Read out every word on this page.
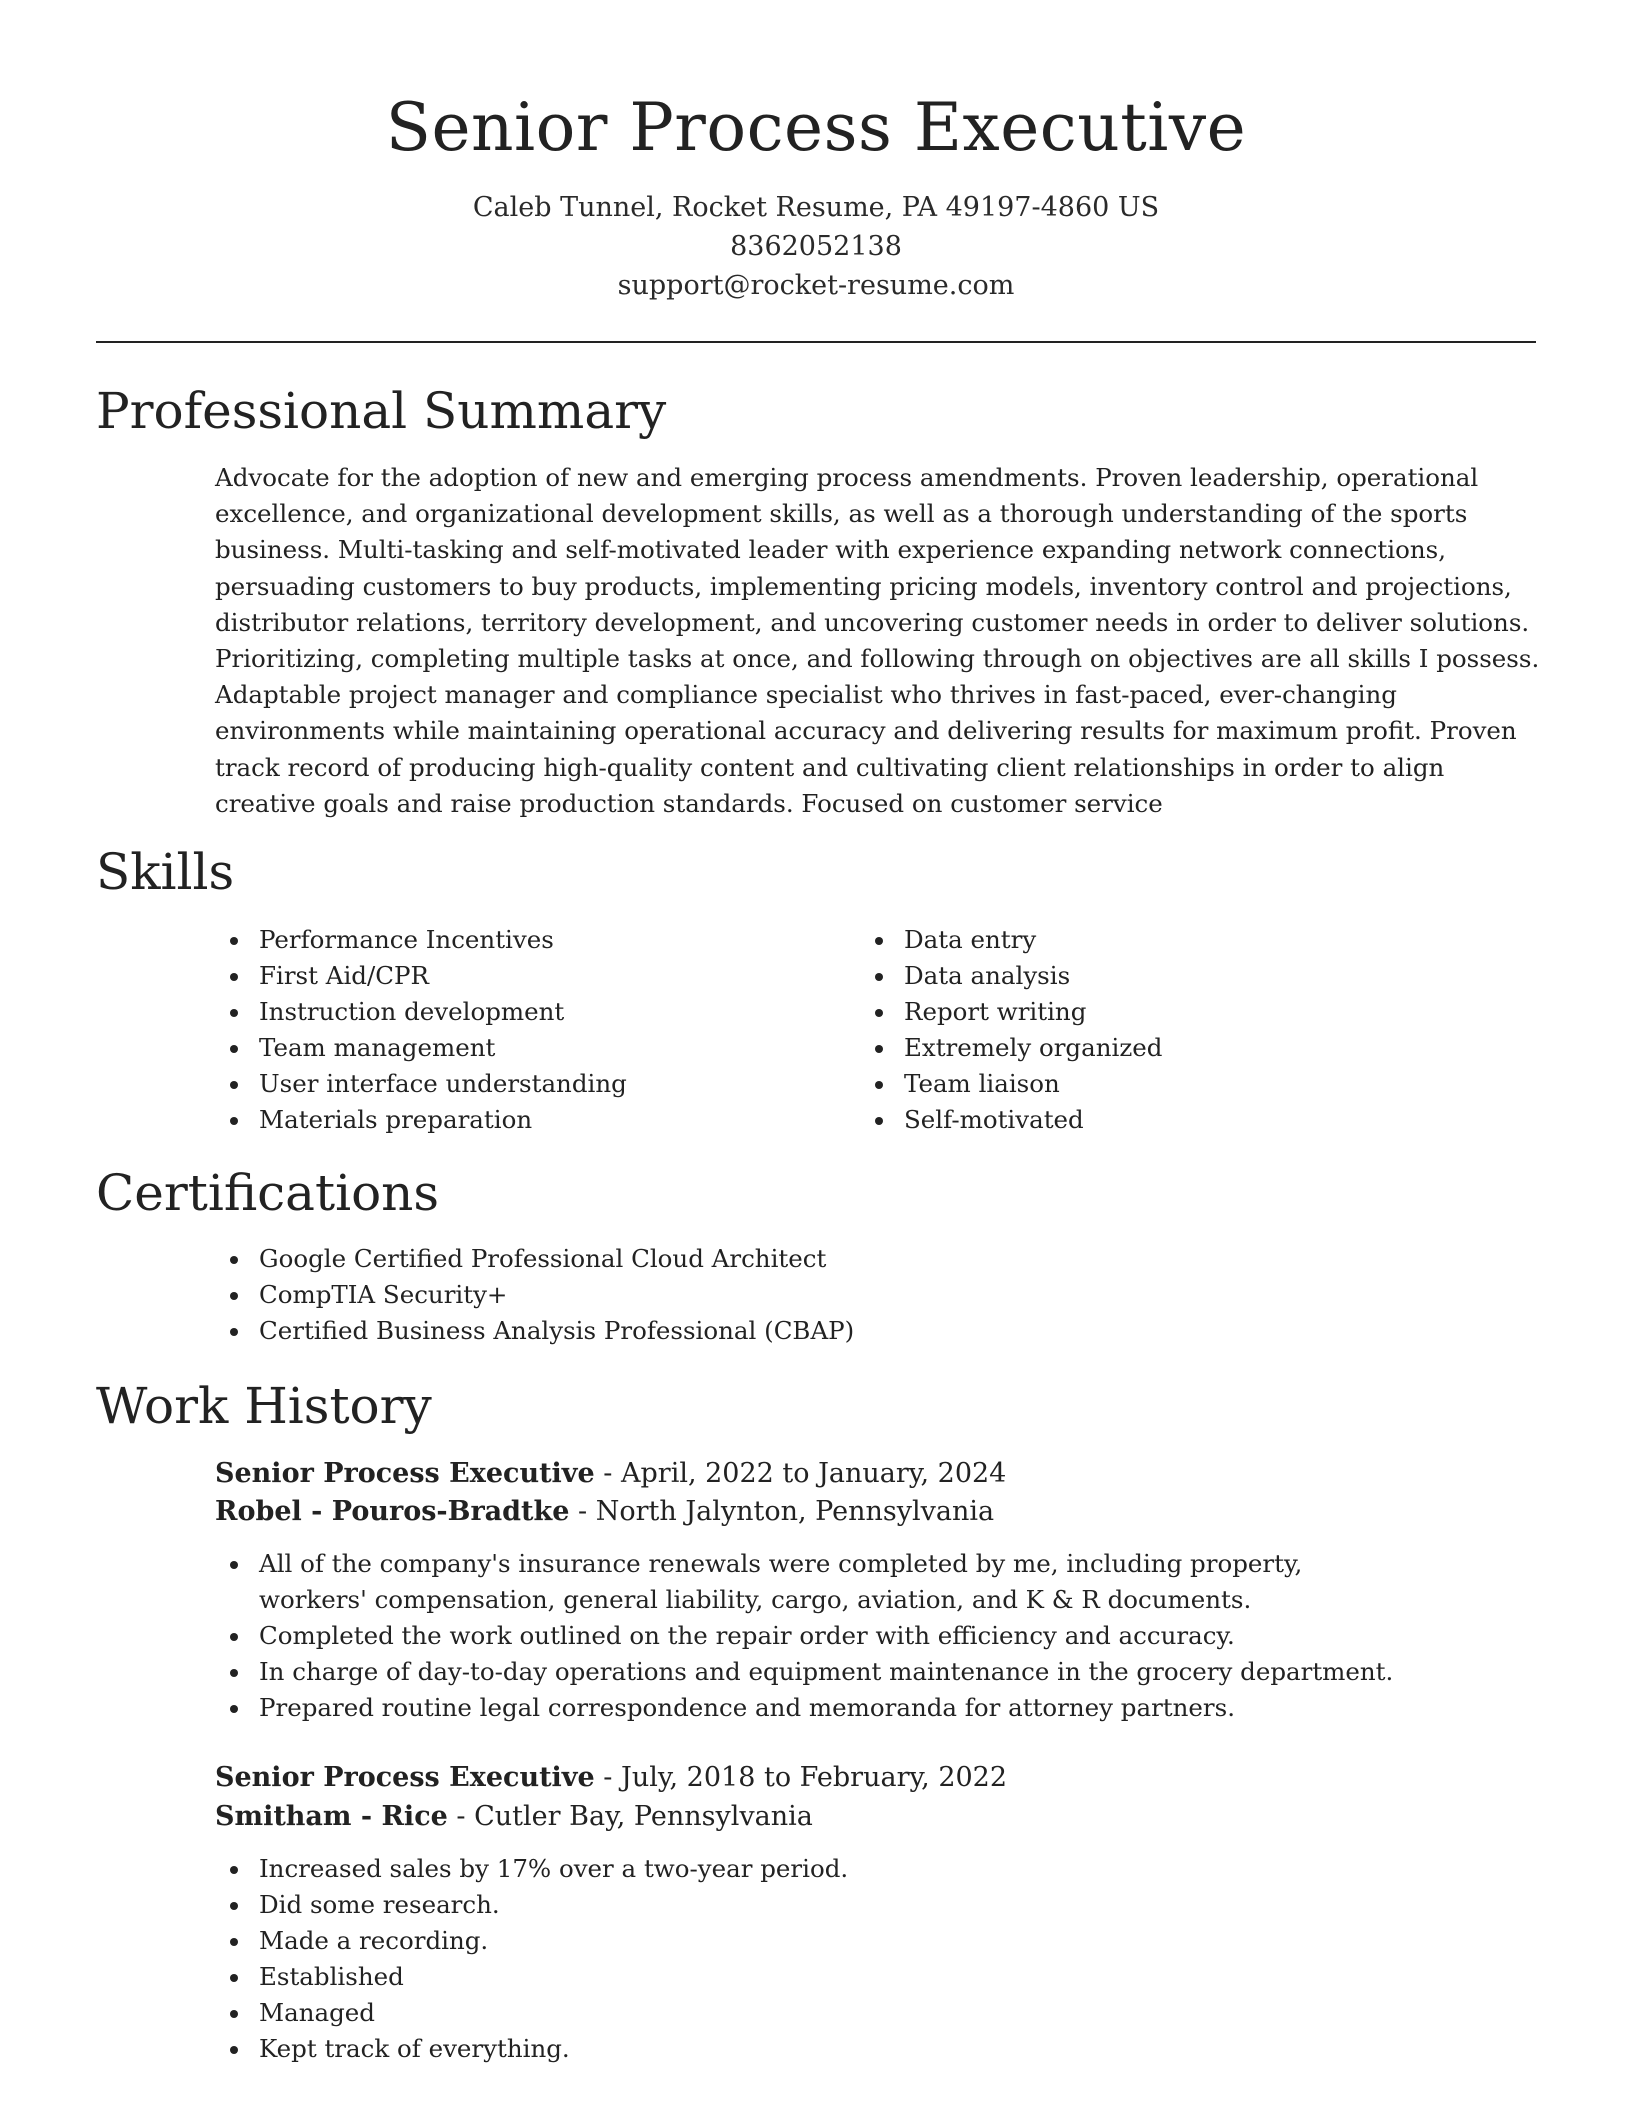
Senior Process Executive
Caleb Tunnel, Rocket Resume, PA 49197-4860 US
8362052138
support@rocket-resume.com
Professional Summary

Advocate for the adoption of new and emerging process amendments. Proven leadership, operational excellence, and organizational development skills, as well as a thorough understanding of the sports business. Multi-tasking and self-motivated leader with experience expanding network connections, persuading customers to buy products, implementing pricing models, inventory control and projections, distributor relations, territory development, and uncovering customer needs in order to deliver solutions. Prioritizing, completing multiple tasks at once, and following through on objectives are all skills I possess. Adaptable project manager and compliance specialist who thrives in fast-paced, ever-changing environments while maintaining operational accuracy and delivering results for maximum profit. Proven track record of producing high-quality content and cultivating client relationships in order to align creative goals and raise production standards. Focused on customer service

Skills
Performance Incentives
First Aid/CPR
Instruction development
Team management
User interface understanding
Materials preparation
Data entry
Data analysis
Report writing
Extremely organized
Team liaison
Self-motivated
Certifications
Google Certified Professional Cloud Architect
CompTIA Security+
Certified Business Analysis Professional (CBAP)
Work History
Senior Process Executive - April, 2022 to January, 2024
Robel - Pouros-Bradtke - North Jalynton, Pennsylvania
All of the company's insurance renewals were completed by me, including property, workers' compensation, general liability, cargo, aviation, and K & R documents.
Completed the work outlined on the repair order with efficiency and accuracy.
In charge of day-to-day operations and equipment maintenance in the grocery department.
Prepared routine legal correspondence and memoranda for attorney partners.
Senior Process Executive - July, 2018 to February, 2022
Smitham - Rice - Cutler Bay, Pennsylvania
Increased sales by 17% over a two-year period.
Did some research.
Made a recording.
Established
Managed
Kept track of everything.
